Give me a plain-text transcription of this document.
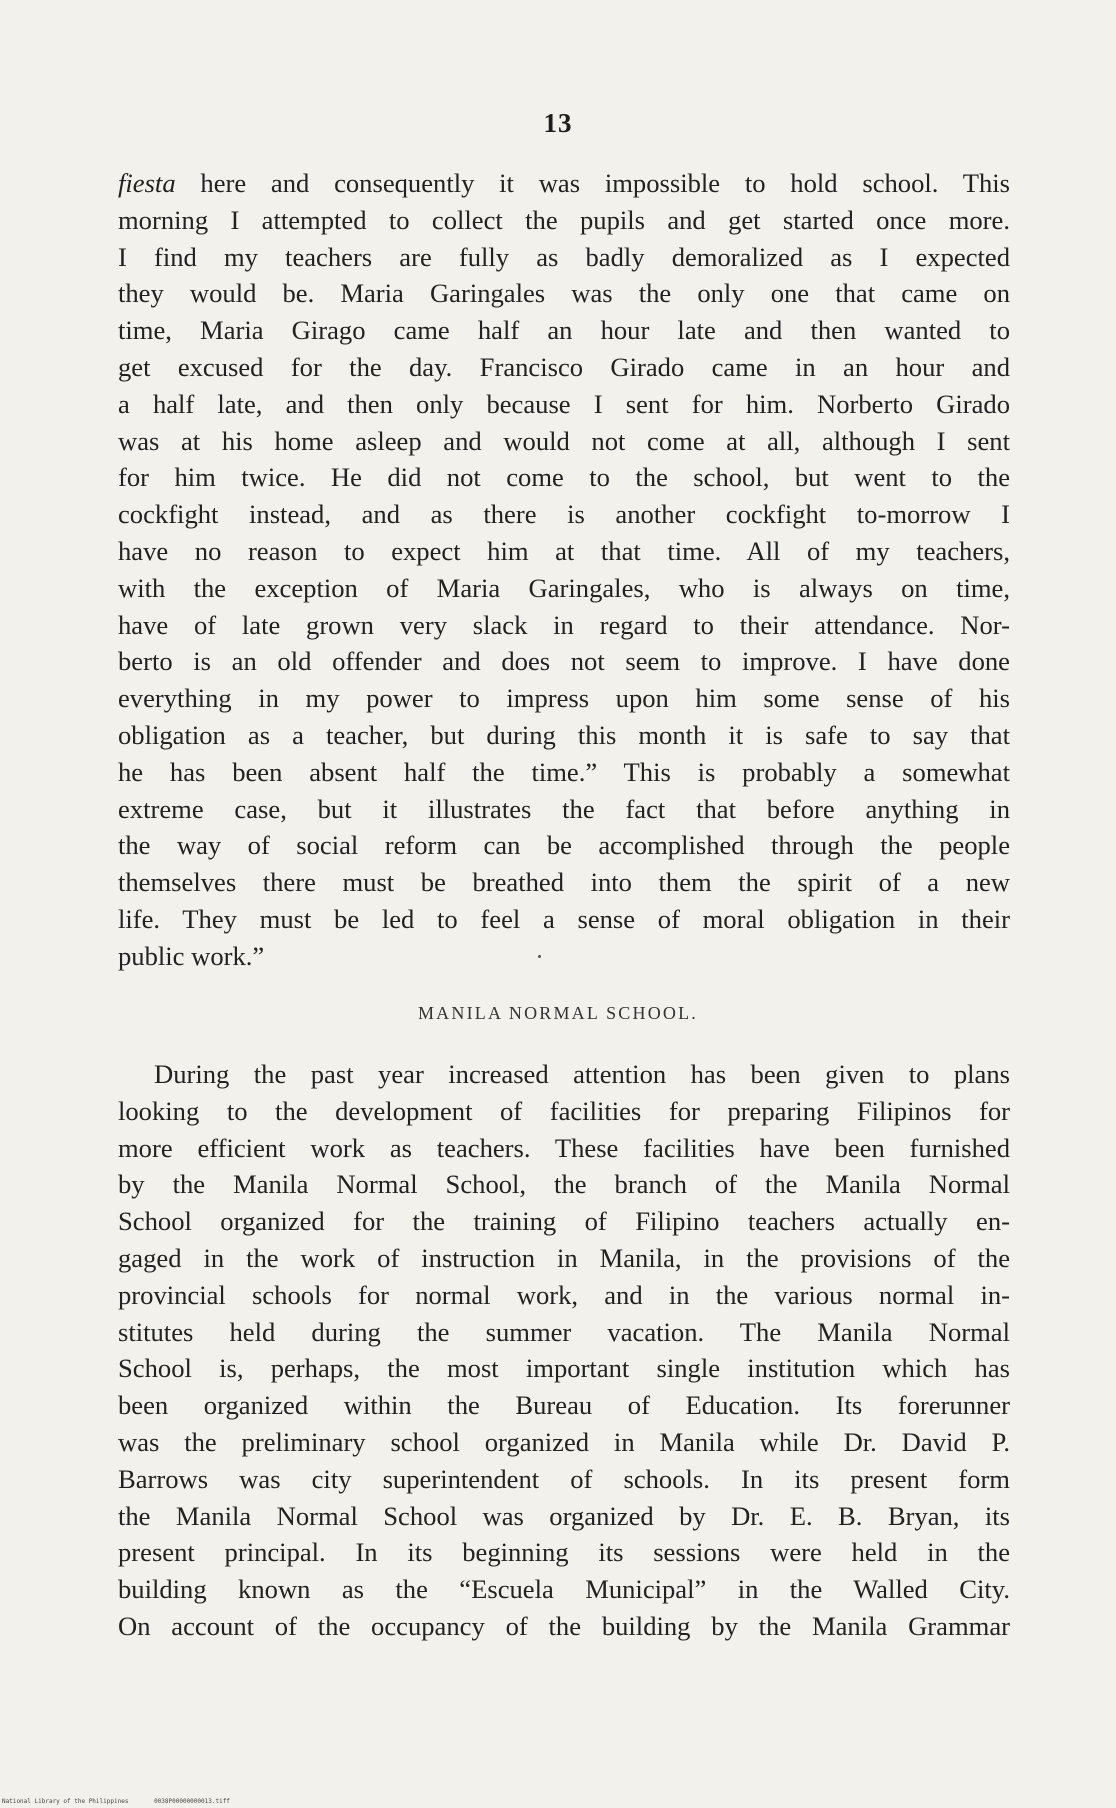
13
fiesta here and consequently it was impossible to hold school. This
morning I attempted to collect the pupils and get started once more.
I find my teachers are fully as badly demoralized as I expected
they would be. Maria Garingales was the only one that came on
time, Maria Girago came half an hour late and then wanted to
get excused for the day. Francisco Girado came in an hour and
a half late, and then only because I sent for him. Norberto Girado
was at his home asleep and would not come at all, although I sent
for him twice. He did not come to the school, but went to the
cockfight instead, and as there is another cockfight to-morrow I
have no reason to expect him at that time. All of my teachers,
with the exception of Maria Garingales, who is always on time,
have of late grown very slack in regard to their attendance. Nor-
berto is an old offender and does not seem to improve. I have done
everything in my power to impress upon him some sense of his
obligation as a teacher, but during this month it is safe to say that
he has been absent half the time.” This is probably a somewhat
extreme case, but it illustrates the fact that before anything in
the way of social reform can be accomplished through the people
themselves there must be breathed into them the spirit of a new
life. They must be led to feel a sense of moral obligation in their
public work.”
MANILA NORMAL SCHOOL.
During the past year increased attention has been given to plans
looking to the development of facilities for preparing Filipinos for
more efficient work as teachers. These facilities have been furnished
by the Manila Normal School, the branch of the Manila Normal
School organized for the training of Filipino teachers actually en-
gaged in the work of instruction in Manila, in the provisions of the
provincial schools for normal work, and in the various normal in-
stitutes held during the summer vacation. The Manila Normal
School is, perhaps, the most important single institution which has
been organized within the Bureau of Education. Its forerunner
was the preliminary school organized in Manila while Dr. David P.
Barrows was city superintendent of schools. In its present form
the Manila Normal School was organized by Dr. E. B. Bryan, its
present principal. In its beginning its sessions were held in the
building known as the “Escuela Municipal” in the Walled City.
On account of the occupancy of the building by the Manila Grammar
National Library of the Philippines	0038P00000000013.tiff
